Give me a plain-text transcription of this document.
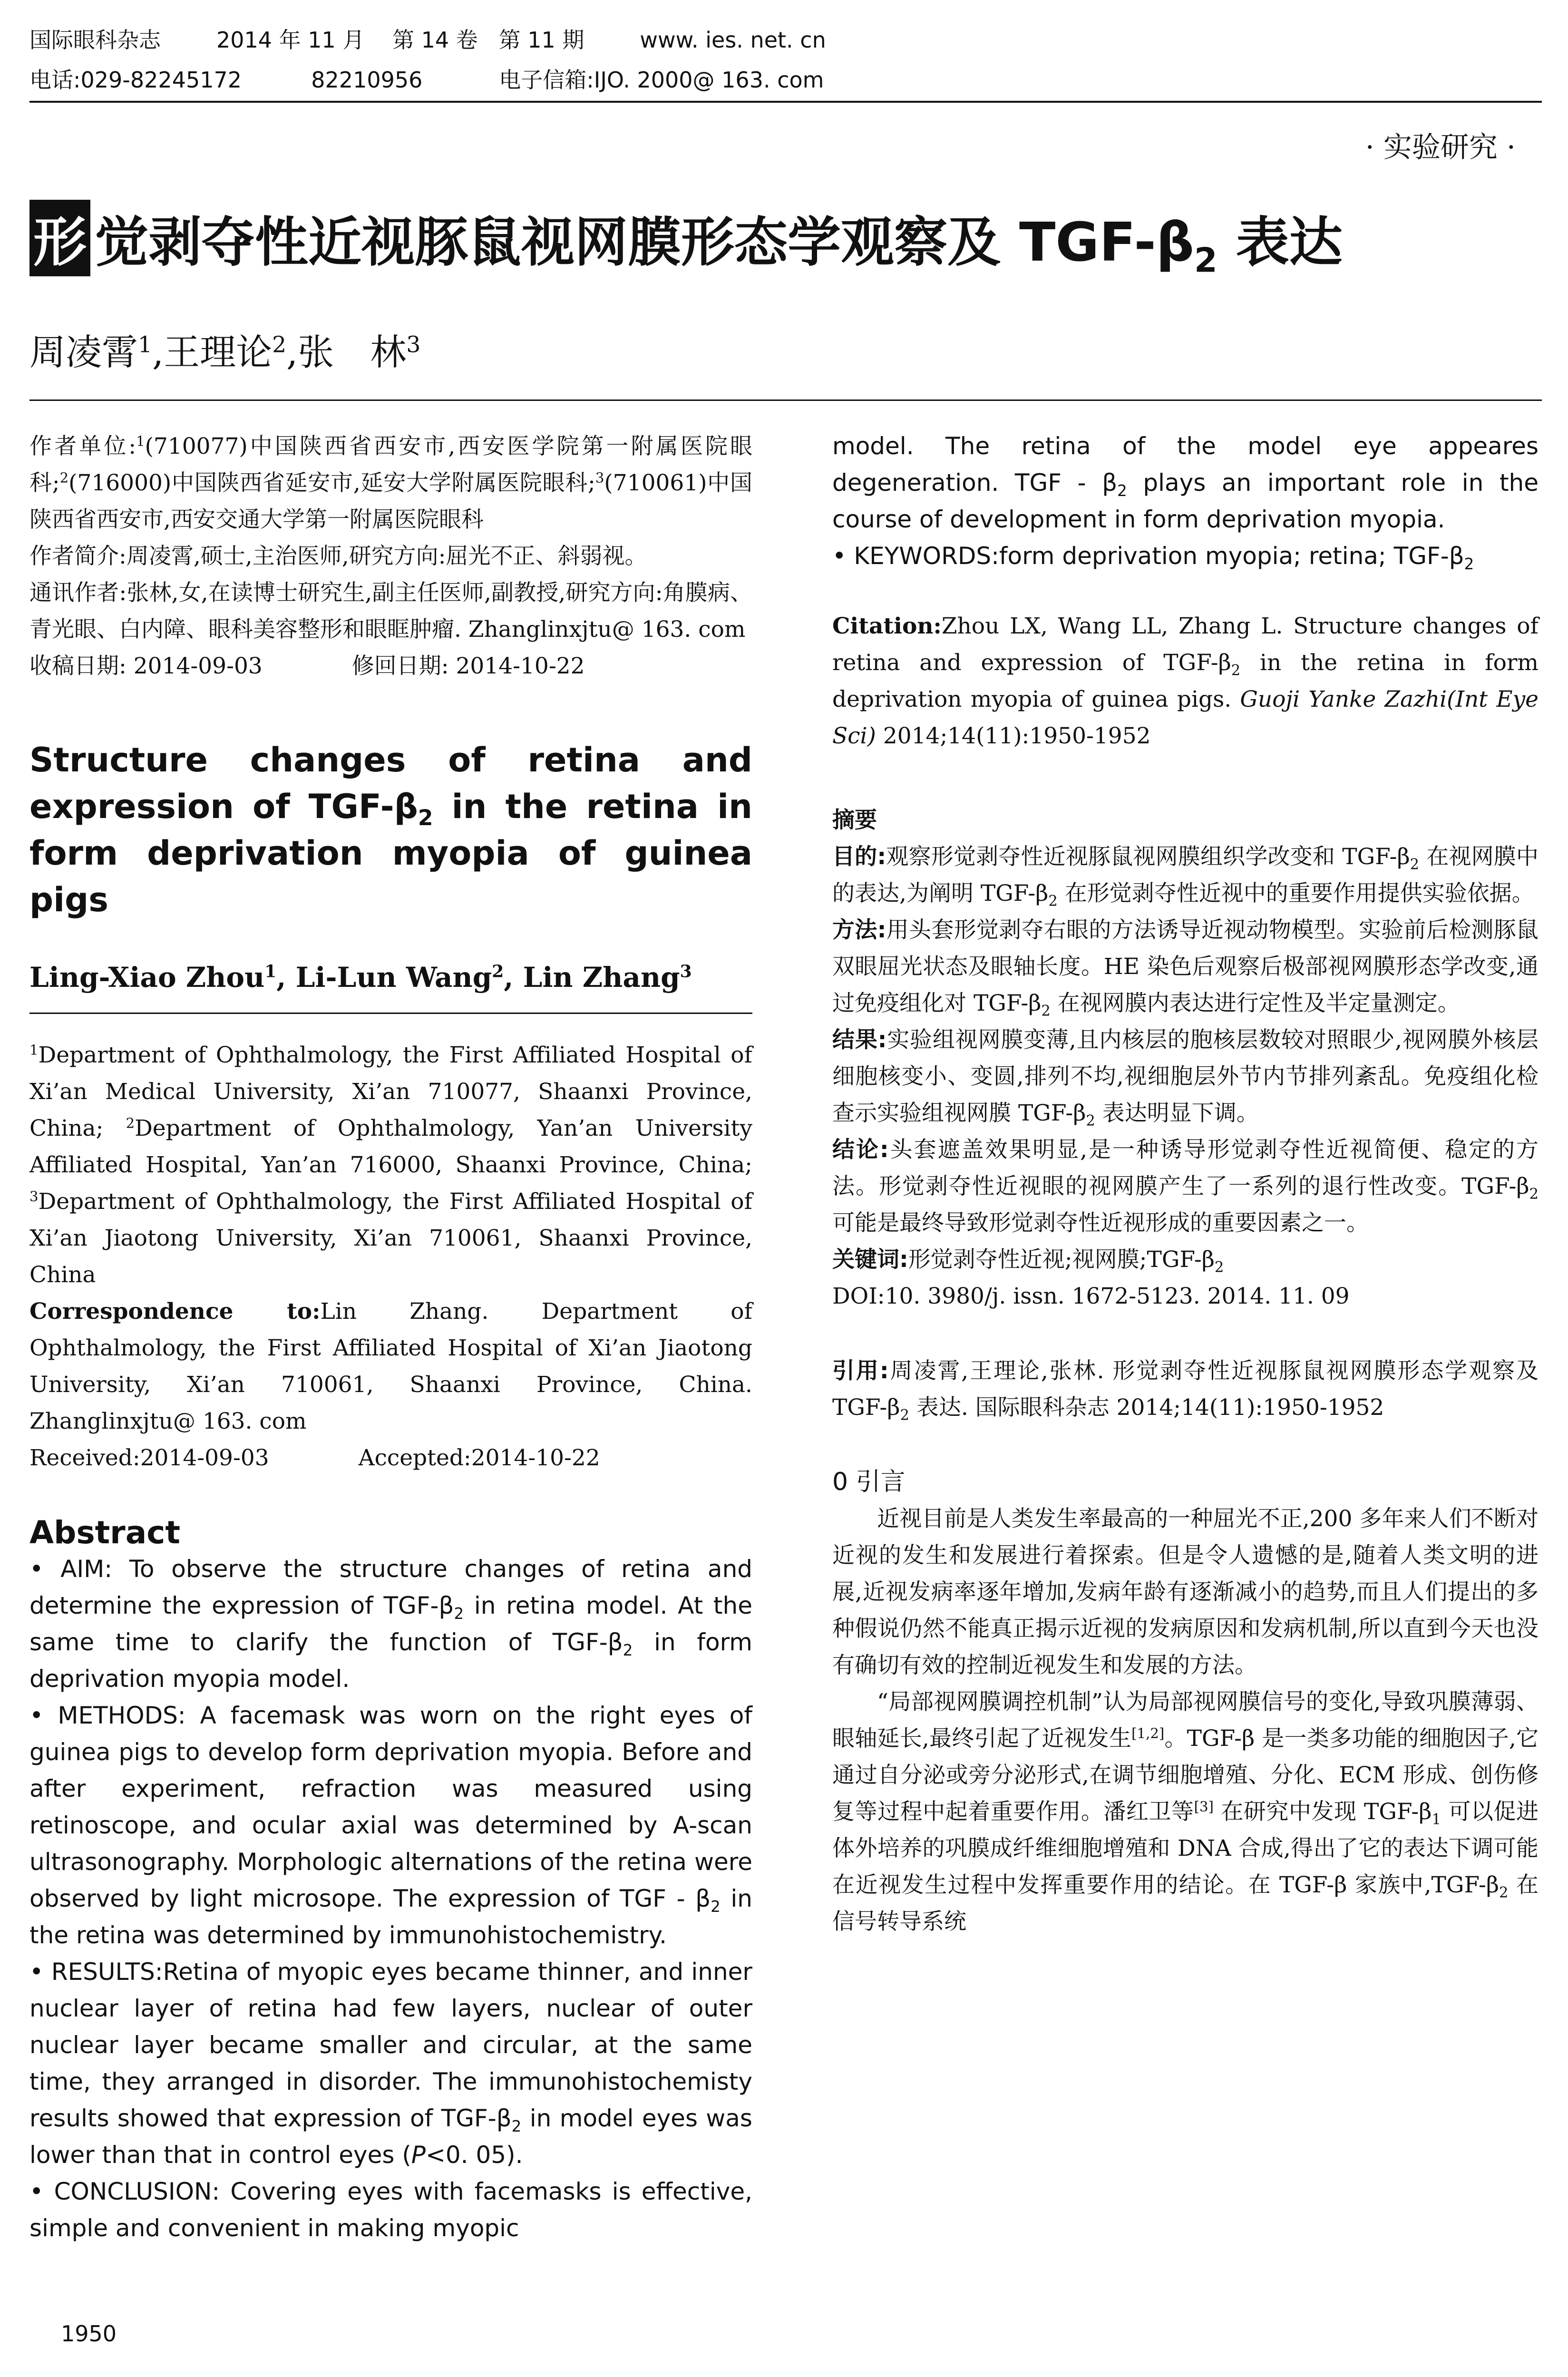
国际眼科杂志	2014 年 11 月 第 14 卷 第 11 期	www. ies. net. cn
电话:029-82245172	82210956	电子信箱:IJO. 2000@ 163. com
· 实验研究 ·
形 觉剥夺性近视豚鼠视网膜形态学观察及 TGF-$\beta_2$ 表达
周凌霄$^1$,王理论$^2$,张　林$^3$

作者单位:$^1$(710077)中国陕西省西安市,西安医学院第一附属医院眼科;$^2$(716000)中国陕西省延安市,延安大学附属医院眼科;$^3$(710061)中国陕西省西安市,西安交通大学第一附属医院眼科

作者简介:周凌霄,硕士,主治医师,研究方向:屈光不正、斜弱视。

通讯作者:张林,女,在读博士研究生,副主任医师,副教授,研究方向:角膜病、青光眼、白内障、眼科美容整形和眼眶肿瘤. Zhanglinxjtu@ 163. com

收稿日期: 2014-09-03　　　　修回日期: 2014-10-22

Structure changes of retina and expression of TGF-$\beta_2$ in the retina in form deprivation myopia of guinea pigs

Ling-Xiao Zhou$^1$, Li-Lun Wang$^2$, Lin Zhang$^3$

$^1$Department of Ophthalmology, the First Affiliated Hospital of Xi’an Medical University, Xi’an 710077, Shaanxi Province, China; $^2$Department of Ophthalmology, Yan’an University Affiliated Hospital, Yan’an 716000, Shaanxi Province, China; $^3$Department of Ophthalmology, the First Affiliated Hospital of Xi’an Jiaotong University, Xi’an 710061, Shaanxi Province, China

Correspondence to:Lin Zhang. Department of Ophthalmology, the First Affiliated Hospital of Xi’an Jiaotong University, Xi’an 710061, Shaanxi Province, China. Zhanglinxjtu@ 163. com

Received:2014-09-03　　　　Accepted:2014-10-22

Abstract

• AIM: To observe the structure changes of retina and determine the expression of TGF-$\beta_2$ in retina model. At the same time to clarify the function of TGF-$\beta_2$ in form deprivation myopia model.

• METHODS: A facemask was worn on the right eyes of guinea pigs to develop form deprivation myopia. Before and after experiment, refraction was measured using retinoscope, and ocular axial was determined by A-scan ultrasonography. Morphologic alternations of the retina were observed by light microsope. The expression of TGF - $\beta_2$ in the retina was determined by immunohistochemistry.

• RESULTS:Retina of myopic eyes became thinner, and inner nuclear layer of retina had few layers, nuclear of outer nuclear layer became smaller and circular, at the same time, they arranged in disorder. The immunohistochemisty results showed that expression of TGF-$\beta_2$ in model eyes was lower than that in control eyes (P<0. 05).

• CONCLUSION: Covering eyes with facemasks is effective, simple and convenient in making myopic

model. The retina of the model eye appeares degeneration. TGF - $\beta_2$ plays an important role in the course of development in form deprivation myopia.

• KEYWORDS:form deprivation myopia; retina; TGF-$\beta_2$

Citation:Zhou LX, Wang LL, Zhang L. Structure changes of retina and expression of TGF-$\beta_2$ in the retina in form deprivation myopia of guinea pigs. Guoji Yanke Zazhi(Int Eye Sci) 2014;14(11):1950-1952

摘要

目的:观察形觉剥夺性近视豚鼠视网膜组织学改变和 TGF-$\beta_2$ 在视网膜中的表达,为阐明 TGF-$\beta_2$ 在形觉剥夺性近视中的重要作用提供实验依据。

方法:用头套形觉剥夺右眼的方法诱导近视动物模型。实验前后检测豚鼠双眼屈光状态及眼轴长度。HE 染色后观察后极部视网膜形态学改变,通过免疫组化对 TGF-$\beta_2$ 在视网膜内表达进行定性及半定量测定。

结果:实验组视网膜变薄,且内核层的胞核层数较对照眼少,视网膜外核层细胞核变小、变圆,排列不均,视细胞层外节内节排列紊乱。免疫组化检查示实验组视网膜 TGF-$\beta_2$ 表达明显下调。

结论:头套遮盖效果明显,是一种诱导形觉剥夺性近视简便、稳定的方法。形觉剥夺性近视眼的视网膜产生了一系列的退行性改变。TGF-$\beta_2$ 可能是最终导致形觉剥夺性近视形成的重要因素之一。

关键词:形觉剥夺性近视;视网膜$;TGF-\beta_2$

DOI:10. 3980/j. issn. 1672-5123. 2014. 11. 09

引用:周凌霄,王理论,张林. 形觉剥夺性近视豚鼠视网膜形态学观察及 TGF-$\beta_2$ 表达. 国际眼科杂志 2014;14(11):1950-1952

0 引言

近视目前是人类发生率最高的一种屈光不正,200 多年来人们不断对近视的发生和发展进行着探索。但是令人遗憾的是,随着人类文明的进展,近视发病率逐年增加,发病年龄有逐渐减小的趋势,而且人们提出的多种假说仍然不能真正揭示近视的发病原因和发病机制,所以直到今天也没有确切有效的控制近视发生和发展的方法。

“局部视网膜调控机制”认为局部视网膜信号的变化,导致巩膜薄弱、眼轴延长,最终引起了近视发生[1,2]。TGF-β 是一类多功能的细胞因子,它通过自分泌或旁分泌形式,在调节细胞增殖、分化、ECM 形成、创伤修复等过程中起着重要作用。潘红卫等[3] 在研究中发现 TGF-$\beta_1$ 可以促进体外培养的巩膜成纤维细胞增殖和 DNA 合成,得出了它的表达下调可能在近视发生过程中发挥重要作用的结论。在 TGF-β 家族中$,TGF-\beta_2$ 在信号转导系统

1950
